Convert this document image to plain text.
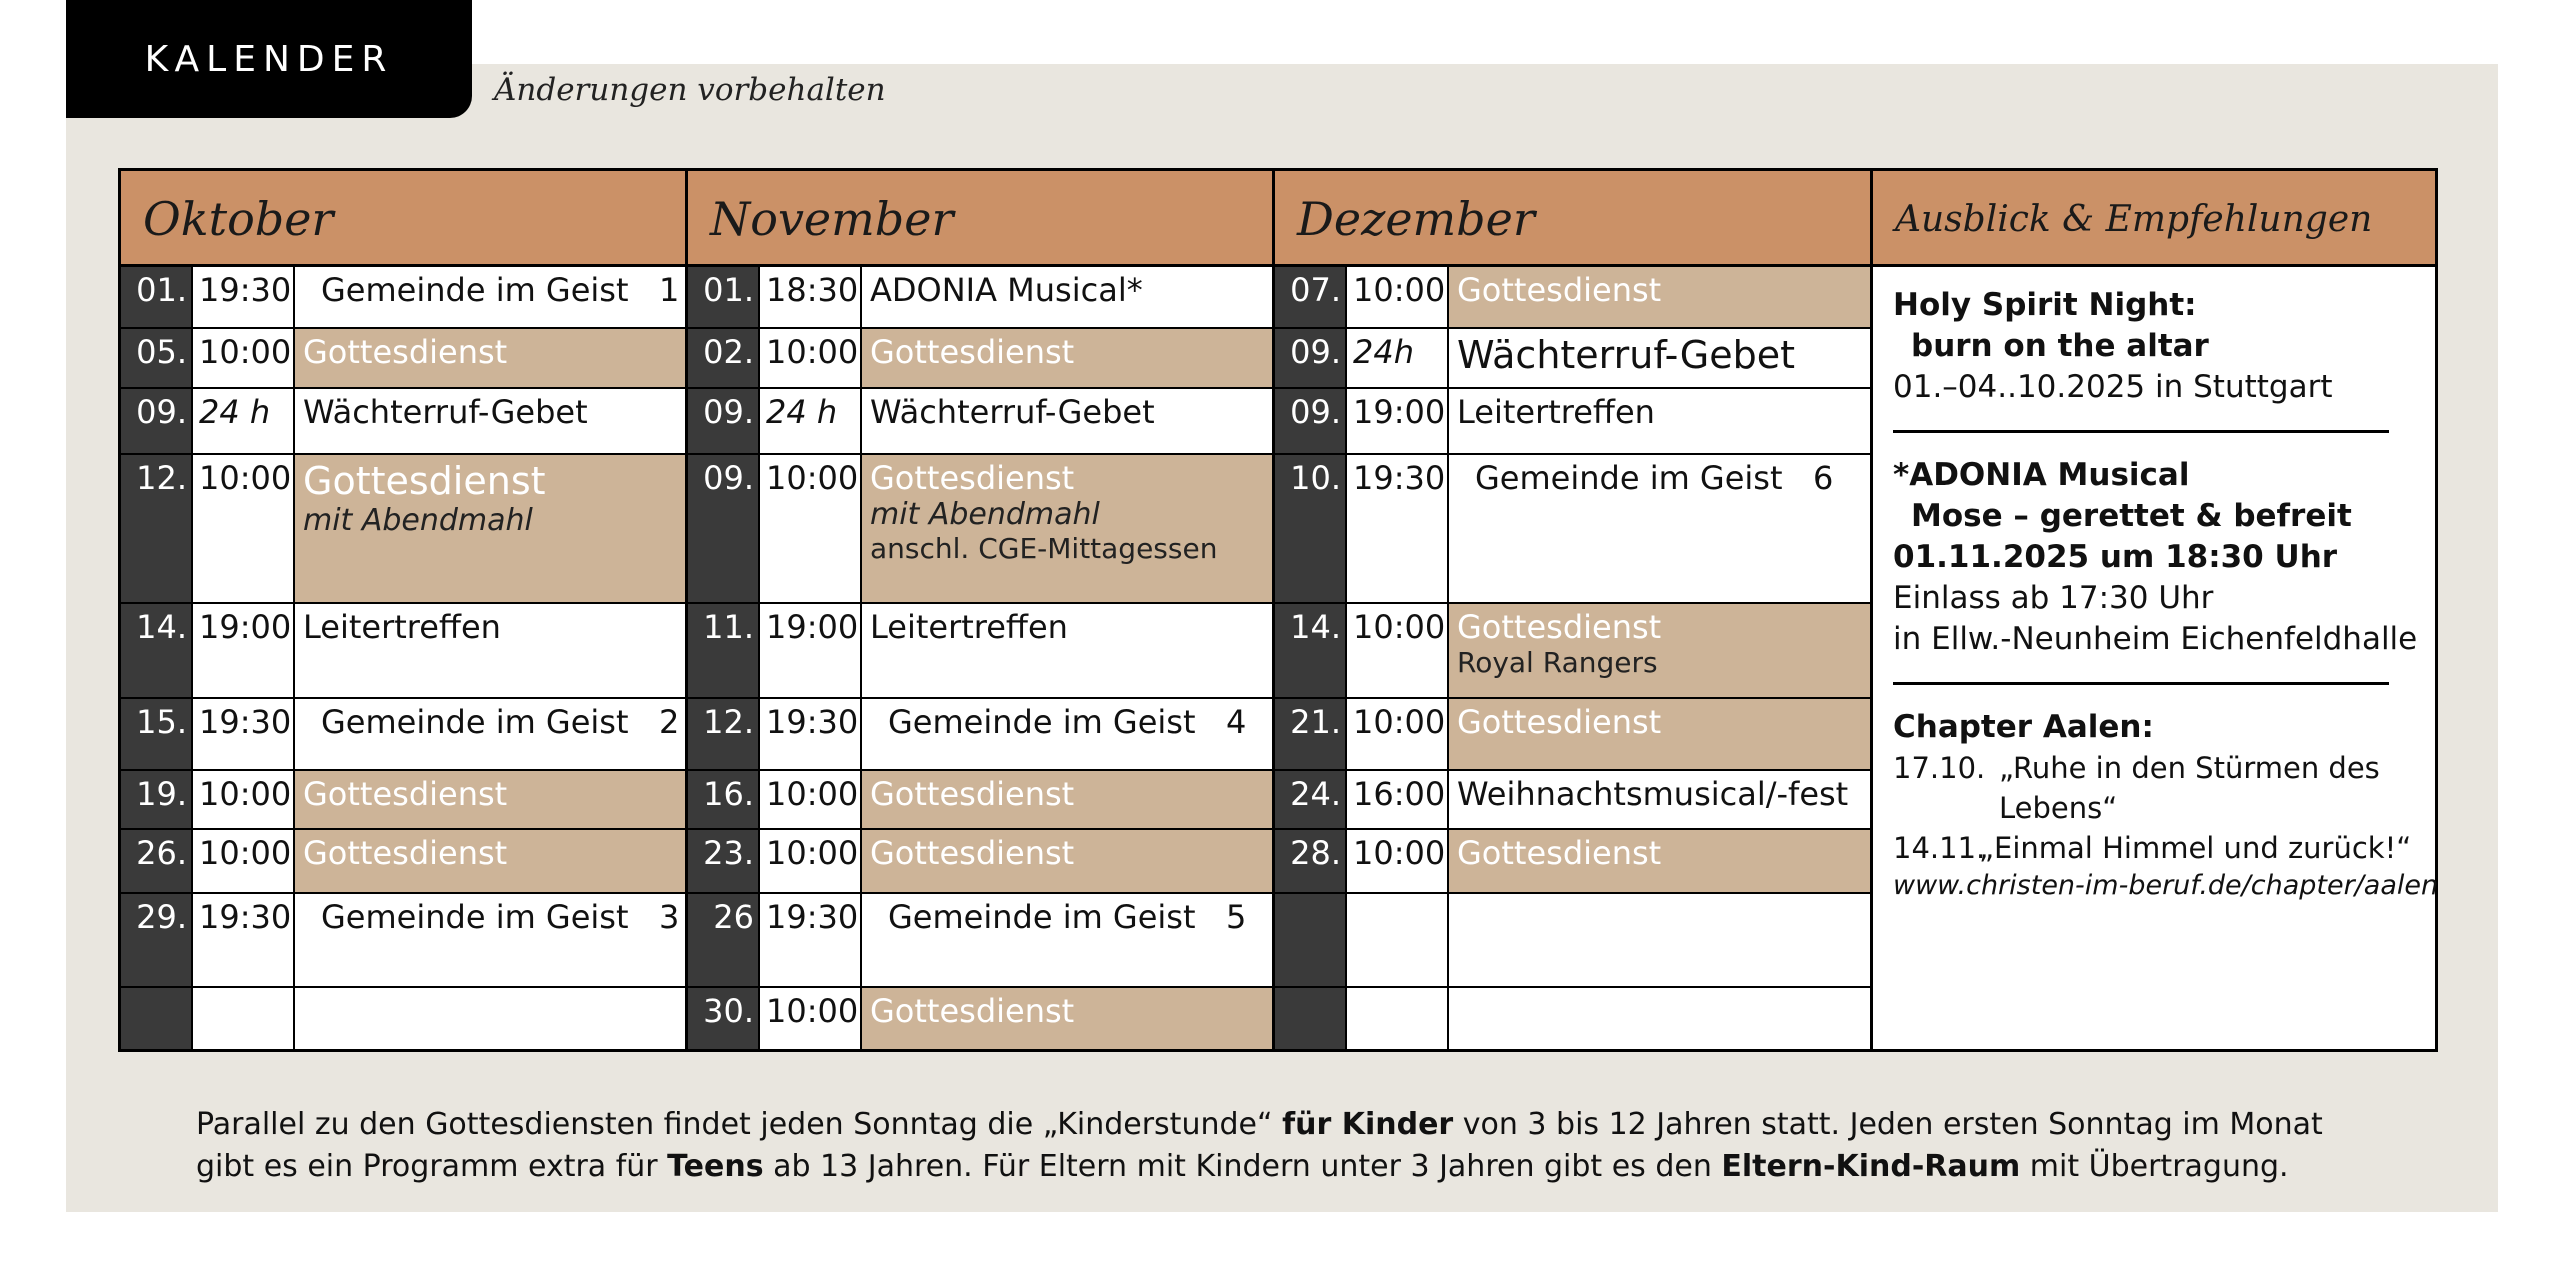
KALENDER
Änderungen vorbehalten
Oktober	November	Dezember	Ausblick & Empfehlungen
01. 19:30 Gemeinde im Geist   1
05. 10:00 Gottesdienst
09. 24 h	Wächterruf-Gebet
12. 10:00 Gottesdienst
mit Abendmahl
14. 19:00 Leitertreffen
15. 19:30 Gemeinde im Geist   2
19. 10:00 Gottesdienst
26. 10:00 Gottesdienst
29. 19:30 Gemeinde im Geist   3
01. 18:30 ADONIA Musical*
02. 10:00 Gottesdienst
09. 24 h	Wächterruf-Gebet
09. 10:00 Gottesdienst
mit Abendmahl
anschl. CGE-Mittagessen
11. 19:00 Leitertreffen
12. 19:30 Gemeinde im Geist   4
16. 10:00 Gottesdienst
23. 10:00 Gottesdienst
26 19:30 Gemeinde im Geist   5
30. 10:00 Gottesdienst
07. 10:00 Gottesdienst
09. 24h	Wächterruf-Gebet
09. 19:00 Leitertreffen
10. 19:30 Gemeinde im Geist   6
14. 10:00 Gottesdienst
Royal Rangers
21. 10:00 Gottesdienst
24. 16:00 Weihnachtsmusical/-fest
28. 10:00 Gottesdienst
Holy Spirit Night:
burn on the altar
01.–04..10.2025 in Stuttgart
*ADONIA Musical
Mose – gerettet & befreit
01.11.2025 um 18:30 Uhr
Einlass ab 17:30 Uhr
in Ellw.-Neunheim Eichenfeldhalle
Chapter Aalen:
17.10. „Ruhe in den Stürmen des
Lebens“
14.11.
„Einmal Himmel und zurück!“
www.christen-im-beruf.de/chapter/aalen
Parallel zu den Gottesdiensten findet jeden Sonntag die „Kinderstunde“ für Kinder von 3 bis 12 Jahren statt. Jeden ersten Sonntag im Monat
gibt es ein Programm extra für Teens ab 13 Jahren. Für Eltern mit Kindern unter 3 Jahren gibt es den Eltern-Kind-Raum mit Übertragung.
